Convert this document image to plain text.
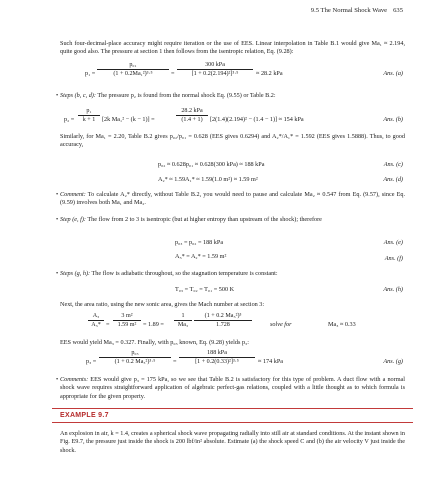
9.5 The Normal Shock Wave 635

Such four-decimal-place accuracy might require iteration or the use of EES. Linear interpolation in Table B.1 would give Ma₁ ≈ 2.194, quite good also. The pressure at section 1 then follows from the isentropic relation, Eq. (9.28):

$p_1 = \frac{\text{p₀₁}}{\text{(1 + 0.2Ma₁²)³·⁵}}$ =
300 kPa
[1 + 0.2(2.194)²]³·⁵	≈ 28.2 kPa	Ans. (a)
• Steps (b, c, d): The pressure p₂ is found from the normal shock Eq. (9.55) or Table B.2:

$p_2 = \frac{\text{p₁}}{k + 1} [2k$ Ma₁² − (k − 1)] =
28.2 kPa
(1.4 + 1)	[2(1.4)(2.194)² − (1.4 − 1)] ≈ 154 kPa	Ans. (b)

Similarly, for Ma₁ = 2.20, Table B.2 gives p₀₂/p₀₁ = 0.628 (EES gives 0.6294) and A₂*/A₁* = 1.592 (EES gives 1.5888). Thus, to good accuracy,

p₀₂ ≈ 0.628p₀₁ ≈ 0.628(300 kPa) ≈ 188 kPa	Ans. (c)
A₂* ≈ 1.59A₁* ≈ 1.59(1.0 m²) ≈ 1.59 m²	Ans. (d)
• Comment: To calculate A₂* directly, without Table B.2, you would need to pause and calculate Ma₂ ≈ 0.547 from Eq. (9.57), since Eq. (9.59) involves both Ma₁ and Ma₂.

• Step (e, f): The flow from 2 to 3 is isentropic (but at higher entropy than upstream of the shock); therefore

p₀₃ = p₀₂ = 188 kPa	Ans. (e)
A₃* = A₂* = 1.59 m²	Ans. (f)
• Steps (g, h): The flow is adiabatic throughout, so the stagnation temperature is constant:

T₀₃ = T₀₂ = T₀₁ = 500 K	Ans. (h)

Next, the area ratio, using the new sonic area, gives the Mach number at section 3:

$\frac{\text{A₃}}{\text{A₃*}} = \frac{\text{3 m²}}{\text{1.59 m²}} = 1.89 = \frac{1}{\text{Ma₃}} \frac{\text{(1 + 0.2 Ma₃²)³}}{1.728}$	solve for	Ma₃ ≈ 0.33

EES would yield Ma₃ = 0.327. Finally, with p₀₃ known, Eq. (9.28) yields p₃:

$p_3 = \frac{\text{p₀₃}}{\text{(1 + 0.2 Ma₃²)³·⁵}}$ =
188 kPa
[1 + 0.2(0.33)²]³·⁵	≈ 174 kPa	Ans. (g)
• Comments: EES would give p₃ = 175 kPa, so we see that Table B.2 is satisfactory for this type of problem. A duct flow with a normal shock wave requires straightforward application of algebraic perfect-gas relations, coupled with a little thought as to which formula is appropriate for the given property.

EXAMPLE 9.7

An explosion in air, k = 1.4, creates a spherical shock wave propagating radially into still air at standard conditions. At the instant shown in Fig. E9.7, the pressure just inside the shock is 200 lbf/in² absolute. Estimate (a) the shock speed C and (b) the air velocity V just inside the shock.
